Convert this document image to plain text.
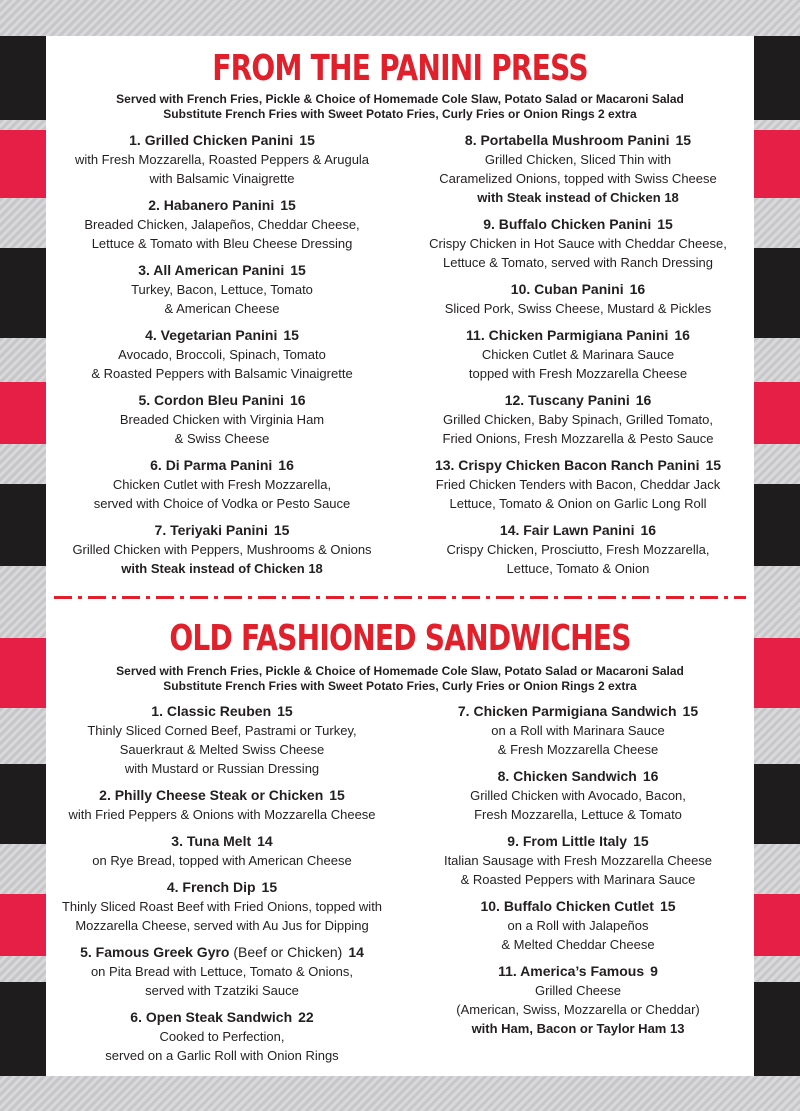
FROM THE PANINI PRESS
Served with French Fries, Pickle & Choice of Homemade Cole Slaw, Potato Salad or Macaroni Salad
Substitute French Fries with Sweet Potato Fries, Curly Fries or Onion Rings 2 extra
1. Grilled Chicken Panini 15
with Fresh Mozzarella, Roasted Peppers & Arugula
with Balsamic Vinaigrette
2. Habanero Panini 15
Breaded Chicken, Jalapeños, Cheddar Cheese,
Lettuce & Tomato with Bleu Cheese Dressing
3. All American Panini 15
Turkey, Bacon, Lettuce, Tomato
& American Cheese
4. Vegetarian Panini 15
Avocado, Broccoli, Spinach, Tomato
& Roasted Peppers with Balsamic Vinaigrette
5. Cordon Bleu Panini 16
Breaded Chicken with Virginia Ham
& Swiss Cheese
6. Di Parma Panini 16
Chicken Cutlet with Fresh Mozzarella,
served with Choice of Vodka or Pesto Sauce
7. Teriyaki Panini 15
Grilled Chicken with Peppers, Mushrooms & Onions
with Steak instead of Chicken 18
8. Portabella Mushroom Panini 15
Grilled Chicken, Sliced Thin with
Caramelized Onions, topped with Swiss Cheese
with Steak instead of Chicken 18
9. Buffalo Chicken Panini 15
Crispy Chicken in Hot Sauce with Cheddar Cheese,
Lettuce & Tomato, served with Ranch Dressing
10. Cuban Panini 16
Sliced Pork, Swiss Cheese, Mustard & Pickles
11. Chicken Parmigiana Panini 16
Chicken Cutlet & Marinara Sauce
topped with Fresh Mozzarella Cheese
12. Tuscany Panini 16
Grilled Chicken, Baby Spinach, Grilled Tomato,
Fried Onions, Fresh Mozzarella & Pesto Sauce
13. Crispy Chicken Bacon Ranch Panini 15
Fried Chicken Tenders with Bacon, Cheddar Jack
Lettuce, Tomato & Onion on Garlic Long Roll
14. Fair Lawn Panini 16
Crispy Chicken, Prosciutto, Fresh Mozzarella,
Lettuce, Tomato & Onion
OLD FASHIONED SANDWICHES
Served with French Fries, Pickle & Choice of Homemade Cole Slaw, Potato Salad or Macaroni Salad
Substitute French Fries with Sweet Potato Fries, Curly Fries or Onion Rings 2 extra
1. Classic Reuben 15
Thinly Sliced Corned Beef, Pastrami or Turkey,
Sauerkraut & Melted Swiss Cheese
with Mustard or Russian Dressing
2. Philly Cheese Steak or Chicken 15
with Fried Peppers & Onions with Mozzarella Cheese
3. Tuna Melt 14
on Rye Bread, topped with American Cheese
4. French Dip 15
Thinly Sliced Roast Beef with Fried Onions, topped with
Mozzarella Cheese, served with Au Jus for Dipping
5. Famous Greek Gyro (Beef or Chicken) 14
on Pita Bread with Lettuce, Tomato & Onions,
served with Tzatziki Sauce
6. Open Steak Sandwich 22
Cooked to Perfection,
served on a Garlic Roll with Onion Rings
7. Chicken Parmigiana Sandwich 15
on a Roll with Marinara Sauce
& Fresh Mozzarella Cheese
8. Chicken Sandwich 16
Grilled Chicken with Avocado, Bacon,
Fresh Mozzarella, Lettuce & Tomato
9. From Little Italy 15
Italian Sausage with Fresh Mozzarella Cheese
& Roasted Peppers with Marinara Sauce
10. Buffalo Chicken Cutlet 15
on a Roll with Jalapeños
& Melted Cheddar Cheese
11. America’s Famous 9
Grilled Cheese
(American, Swiss, Mozzarella or Cheddar)
with Ham, Bacon or Taylor Ham 13
